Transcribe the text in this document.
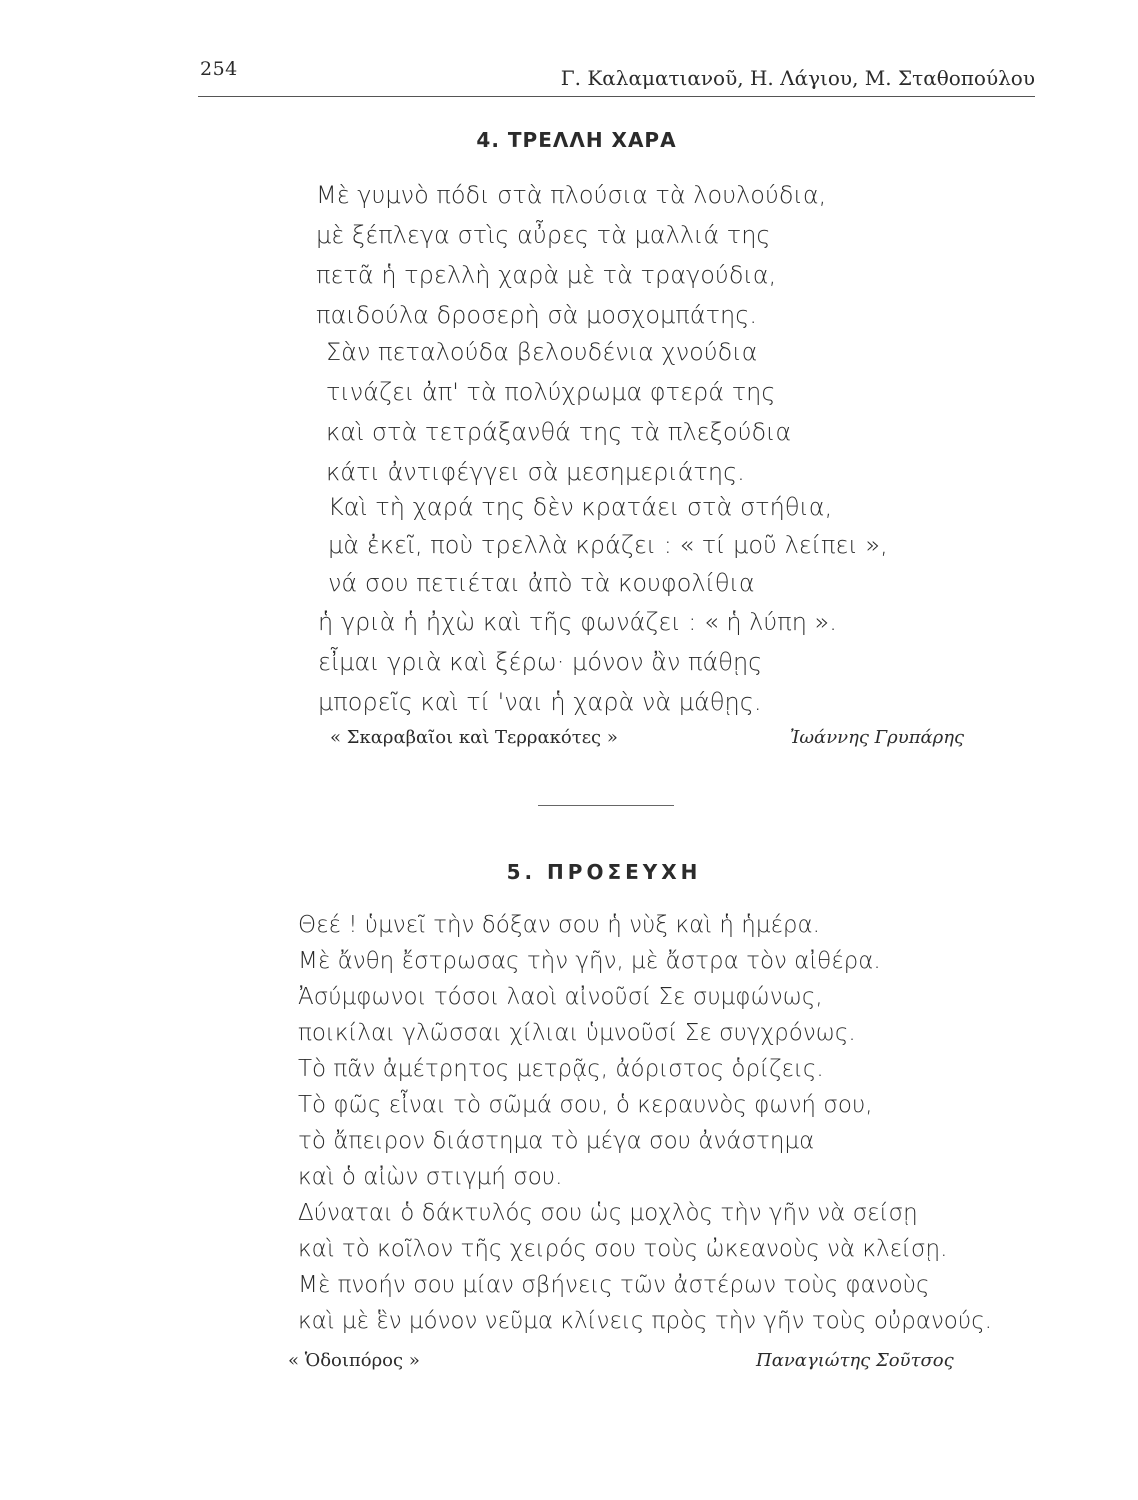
254	Γ. Καλαματιανοῦ, Η. Λάγιου, Μ. Σταθοπούλου
4. ΤΡΕΛΛΗ ΧΑΡΑ
Μὲ γυμνὸ πόδι στὰ πλούσια τὰ λουλούδια,
μὲ ξέπλεγα στὶς αὖρες τὰ μαλλιά της
πετᾶ ἡ τρελλὴ χαρὰ μὲ τὰ τραγούδια,
παιδούλα δροσερὴ σὰ μοσχομπάτης.
Σὰν πεταλούδα βελουδένια χνούδια
τινάζει ἀπ' τὰ πολύχρωμα φτερά της
καὶ στὰ τετράξανθά της τὰ πλεξούδια
κάτι ἀντιφέγγει σὰ μεσημεριάτης.
Καὶ τὴ χαρά της δὲν κρατάει στὰ στήθια,
μὰ ἐκεῖ, ποὺ τρελλὰ κράζει : « τί μοῦ λείπει »,
νά σου πετιέται ἀπὸ τὰ κουφολίθια
ἡ γριὰ ἡ ἠχὼ καὶ τῆς φωνάζει : « ἡ λύπη ».
εἶμαι γριὰ καὶ ξέρω· μόνον ἂν πάθῃς
μπορεῖς καὶ τί 'ναι ἡ χαρὰ νὰ μάθῃς.
« Σκαραβαῖοι καὶ Τερρακότες »	Ἰωάννης Γρυπάρης
5. ΠΡΟΣΕΥΧΗ
Θεέ ! ὑμνεῖ τὴν δόξαν σου ἡ νὺξ καὶ ἡ ἡμέρα.
Μὲ ἄνθη ἔστρωσας τὴν γῆν, μὲ ἄστρα τὸν αἰθέρα.
Ἀσύμφωνοι τόσοι λαοὶ αἰνοῦσί Σε συμφώνως,
ποικίλαι γλῶσσαι χίλιαι ὑμνοῦσί Σε συγχρόνως.
Τὸ πᾶν ἀμέτρητος μετρᾷς, ἀόριστος ὁρίζεις.
Τὸ φῶς εἶναι τὸ σῶμά σου, ὁ κεραυνὸς φωνή σου,
τὸ ἄπειρον διάστημα τὸ μέγα σου ἀνάστημα
καὶ ὁ αἰὼν στιγμή σου.
Δύναται ὁ δάκτυλός σου ὡς μοχλὸς τὴν γῆν νὰ σείσῃ
καὶ τὸ κοῖλον τῆς χειρός σου τοὺς ὠκεανοὺς νὰ κλείσῃ.
Μὲ πνοήν σου μίαν σβήνεις τῶν ἀστέρων τοὺς φανοὺς
καὶ μὲ ἓν μόνον νεῦμα κλίνεις πρὸς τὴν γῆν τοὺς οὐρανούς.
« Ὁδοιπόρος »	Παναγιώτης Σοῦτσος
